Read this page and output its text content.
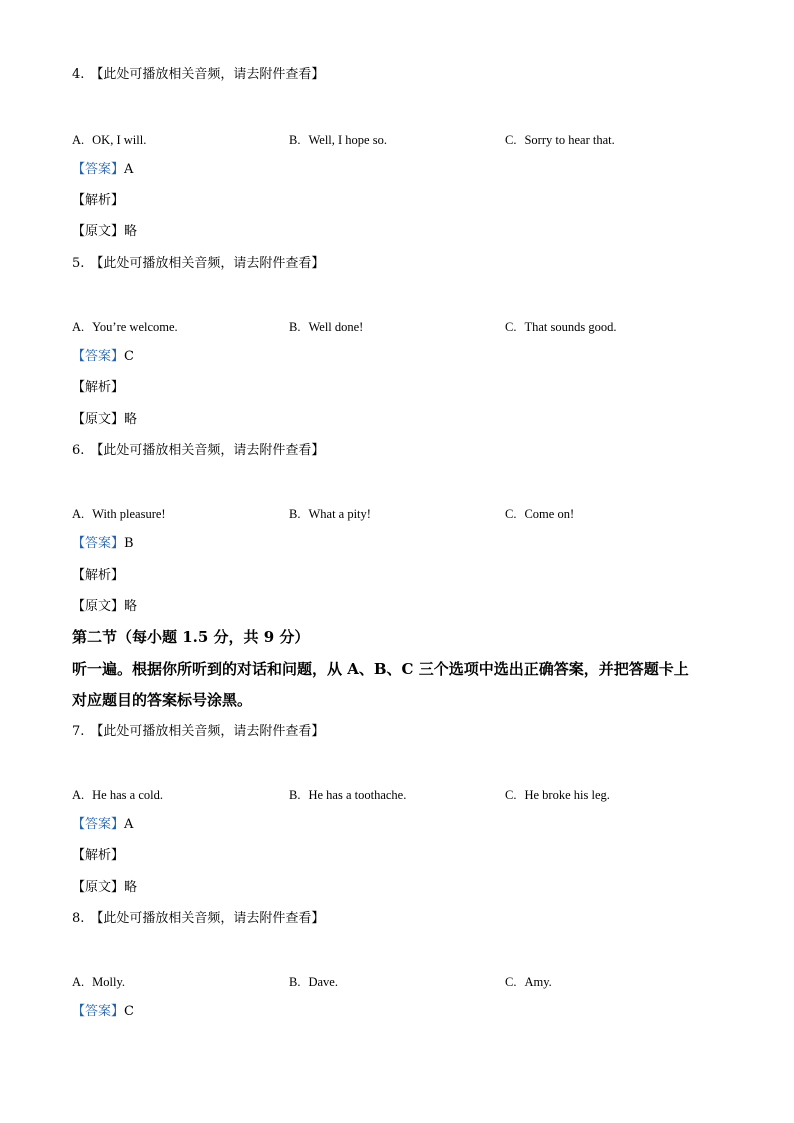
4. 【此处可播放相关音频，请去附件查看】
A. OK, I will.	B. Well, I hope so.	C. Sorry to hear that.
【答案】A
【解析】
【原文】略
5. 【此处可播放相关音频，请去附件查看】
A. You’re welcome.	B. Well done!	C. That sounds good.
【答案】C
【解析】
【原文】略
6. 【此处可播放相关音频，请去附件查看】
A. With pleasure!	B. What a pity!	C. Come on!
【答案】B
【解析】
【原文】略
第二节（每小题 1.5 分，共 9 分）
听一遍。根据你所听到的对话和问题，从 A、B、C 三个选项中选出正确答案，并把答题卡上
对应题目的答案标号涂黑。
7. 【此处可播放相关音频，请去附件查看】
A. He has a cold.	B. He has a toothache.	C. He broke his leg.
【答案】A
【解析】
【原文】略
8. 【此处可播放相关音频，请去附件查看】
A. Molly.	B. Dave.	C. Amy.
【答案】C
